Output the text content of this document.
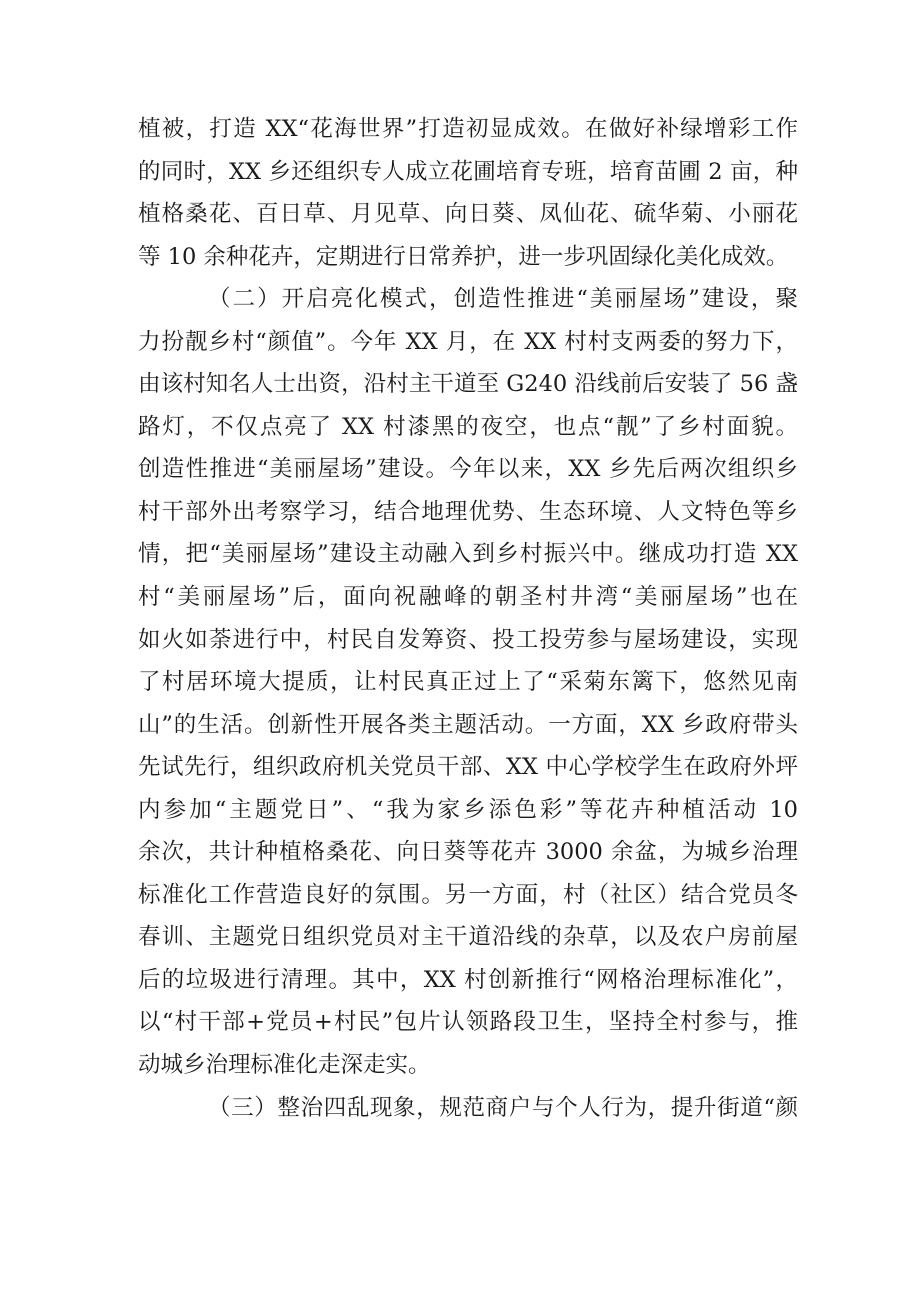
植被，打造 XX“花海世界”打造初显成效。在做好补绿增彩工作
的同时，XX 乡还组织专人成立花圃培育专班，培育苗圃 2 亩，种
植格桑花、百日草、月见草、向日葵、凤仙花、硫华菊、小丽花
等 10 余种花卉，定期进行日常养护，进一步巩固绿化美化成效。
（二）开启亮化模式，创造性推进“美丽屋场”建设，聚
力扮靓乡村“颜值”。今年 XX 月，在 XX 村村支两委的努力下，
由该村知名人士出资，沿村主干道至 G240 沿线前后安装了 56 盏
路灯，不仅点亮了 XX 村漆黑的夜空，也点“靓”了乡村面貌。
创造性推进“美丽屋场”建设。今年以来，XX 乡先后两次组织乡
村干部外出考察学习，结合地理优势、生态环境、人文特色等乡
情，把“美丽屋场”建设主动融入到乡村振兴中。继成功打造 XX
村“美丽屋场”后，面向祝融峰的朝圣村井湾“美丽屋场”也在
如火如荼进行中，村民自发筹资、投工投劳参与屋场建设，实现
了村居环境大提质，让村民真正过上了“采菊东篱下，悠然见南
山”的生活。创新性开展各类主题活动。一方面，XX 乡政府带头
先试先行，组织政府机关党员干部、XX 中心学校学生在政府外坪
内参加“主题党日”、“我为家乡添色彩”等花卉种植活动 10
余次，共计种植格桑花、向日葵等花卉 3000 余盆，为城乡治理
标准化工作营造良好的氛围。另一方面，村（社区）结合党员冬
春训、主题党日组织党员对主干道沿线的杂草，以及农户房前屋
后的垃圾进行清理。其中，XX 村创新推行“网格治理标准化”，
以“村干部+党员+村民”包片认领路段卫生，坚持全村参与，推
动城乡治理标准化走深走实。
（三）整治四乱现象，规范商户与个人行为，提升街道“颜
